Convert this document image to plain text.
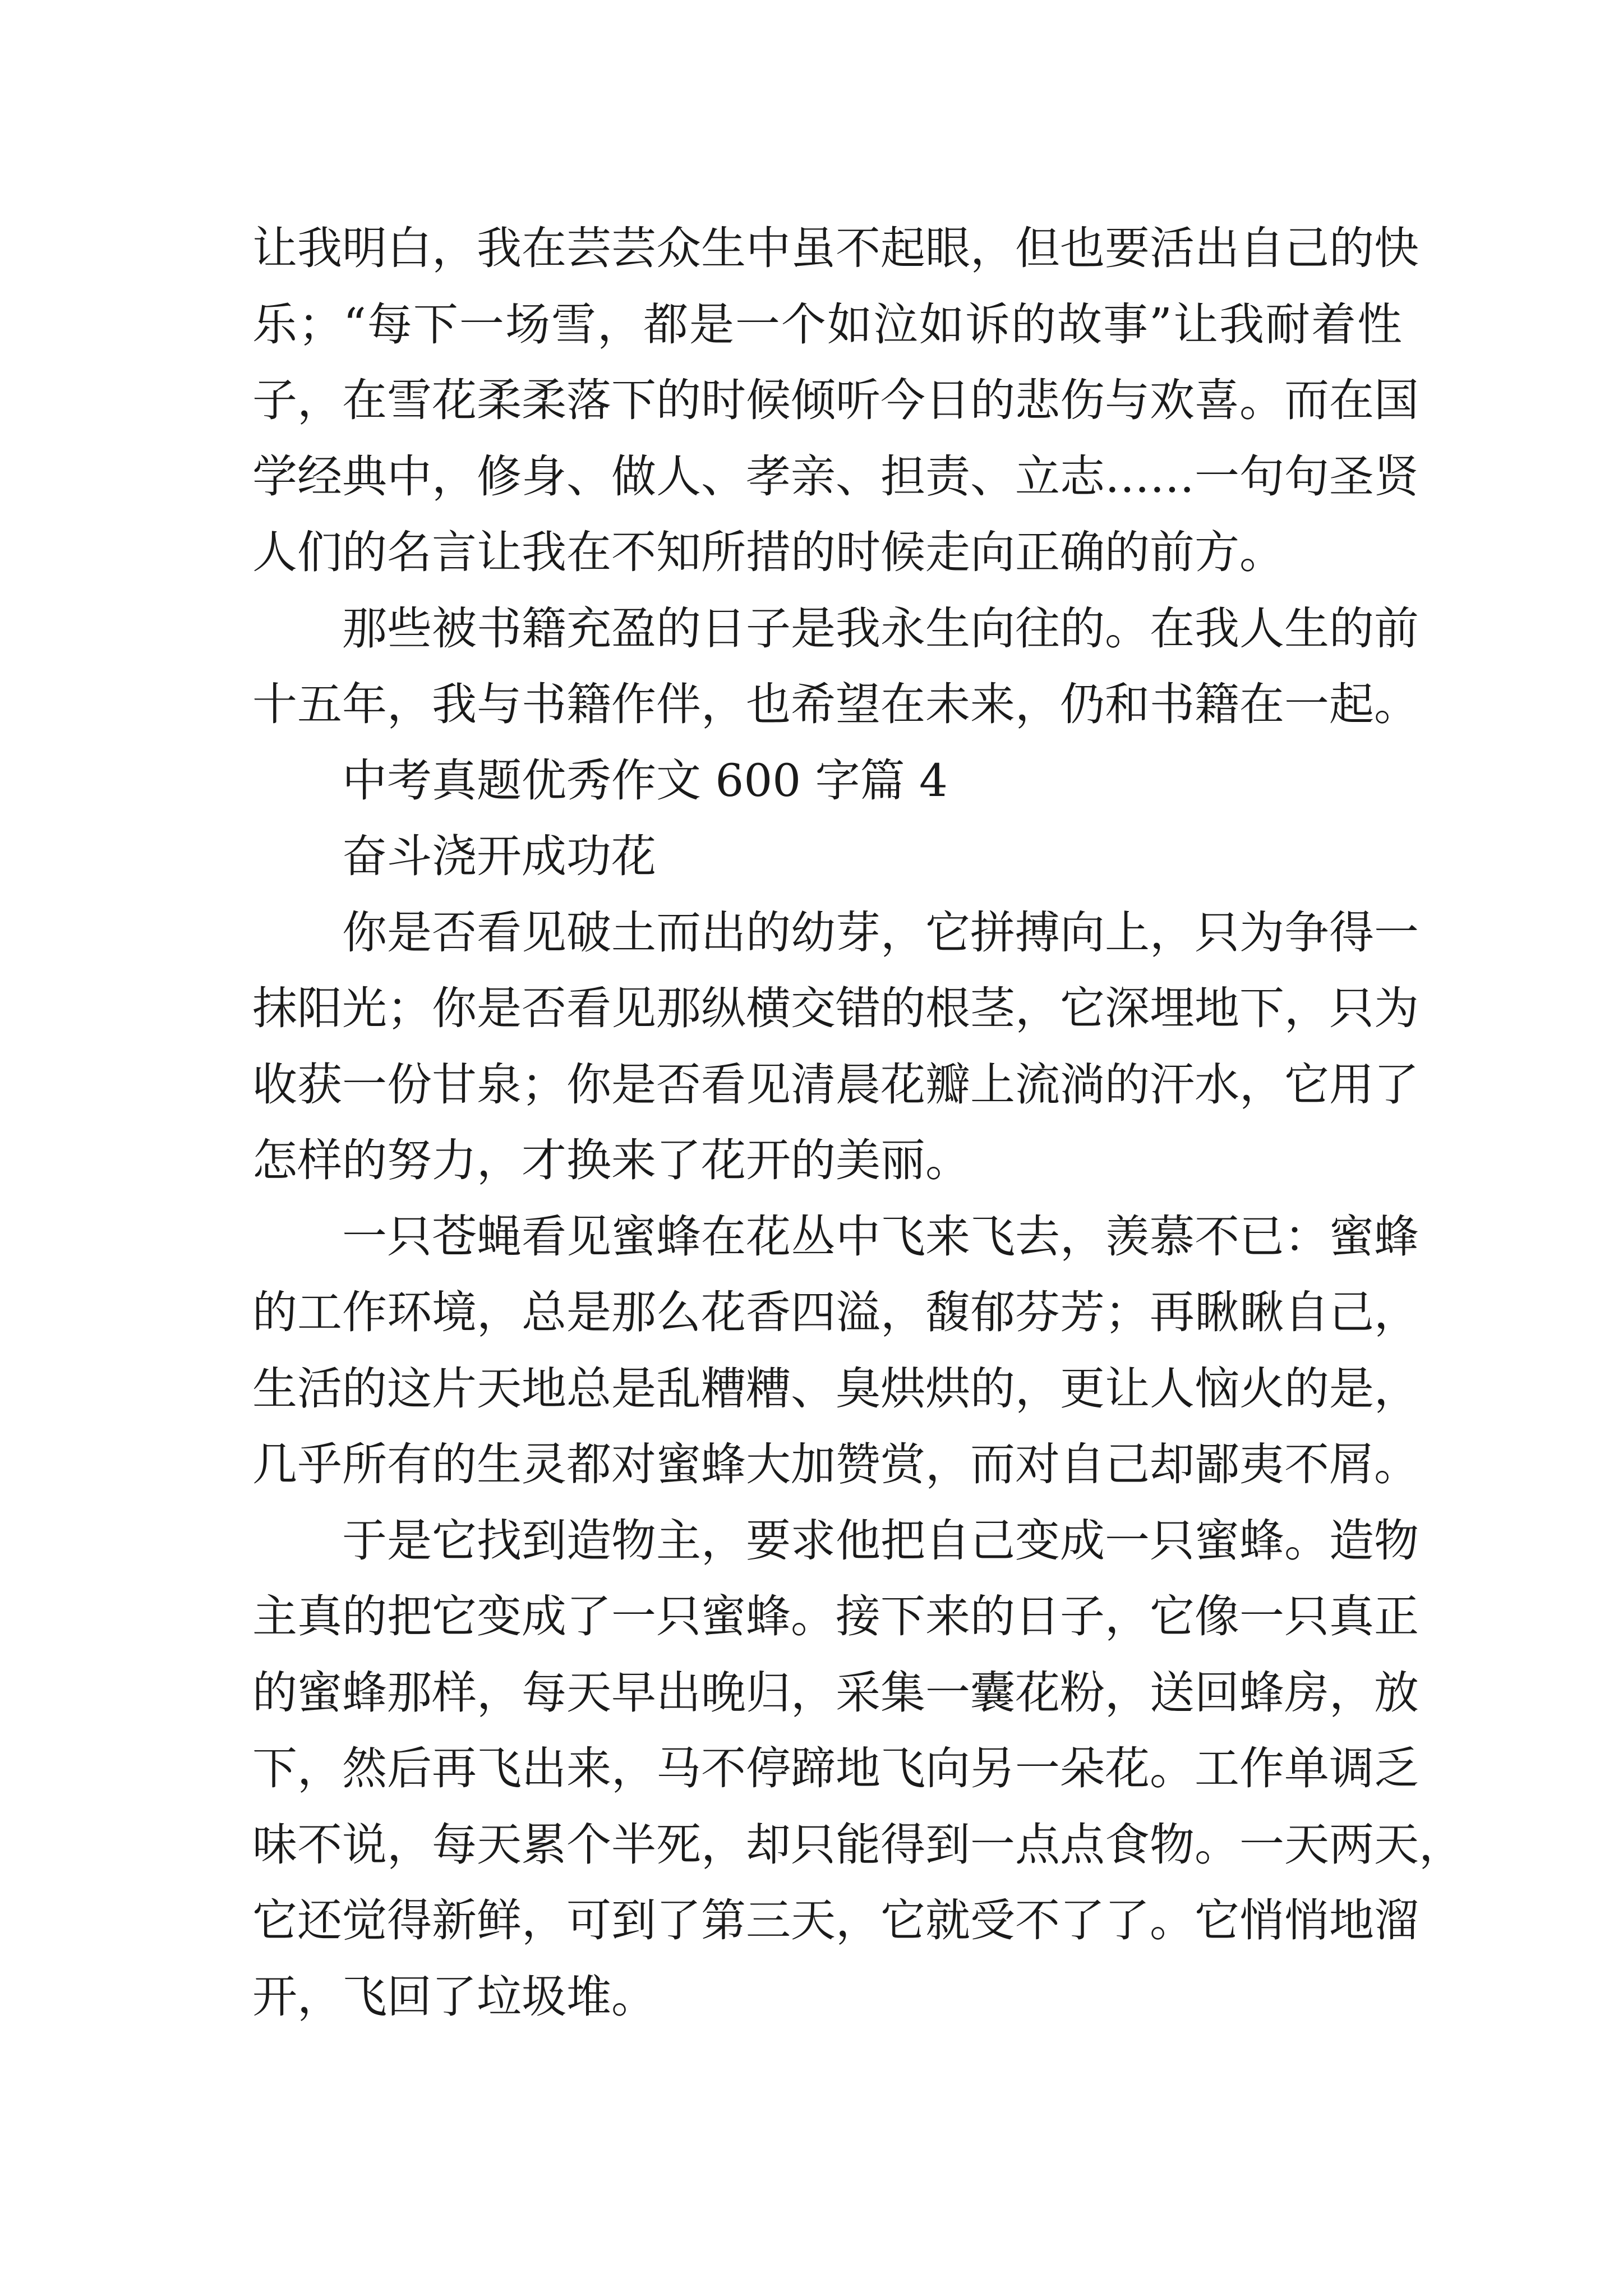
让我明白，我在芸芸众生中虽不起眼，但也要活出自己的快
乐；“每下一场雪，都是一个如泣如诉的故事”让我耐着性
子，在雪花柔柔落下的时候倾听今日的悲伤与欢喜。而在国
学经典中，修身、做人、孝亲、担责、立志……一句句圣贤
人们的名言让我在不知所措的时候走向正确的前方。
那些被书籍充盈的日子是我永生向往的。在我人生的前
十五年，我与书籍作伴，也希望在未来，仍和书籍在一起。
中考真题优秀作文 600 字篇 4
奋斗浇开成功花
你是否看见破土而出的幼芽，它拼搏向上，只为争得一
抹阳光；你是否看见那纵横交错的根茎，它深埋地下，只为
收获一份甘泉；你是否看见清晨花瓣上流淌的汗水，它用了
怎样的努力，才换来了花开的美丽。
一只苍蝇看见蜜蜂在花丛中飞来飞去，羡慕不已：蜜蜂
的工作环境，总是那么花香四溢，馥郁芬芳；再瞅瞅自己，
生活的这片天地总是乱糟糟、臭烘烘的，更让人恼火的是，
几乎所有的生灵都对蜜蜂大加赞赏，而对自己却鄙夷不屑。
于是它找到造物主，要求他把自己变成一只蜜蜂。造物
主真的把它变成了一只蜜蜂。接下来的日子，它像一只真正
的蜜蜂那样，每天早出晚归，采集一囊花粉，送回蜂房，放
下，然后再飞出来，马不停蹄地飞向另一朵花。工作单调乏
味不说，每天累个半死，却只能得到一点点食物。一天两天，
它还觉得新鲜，可到了第三天，它就受不了了。它悄悄地溜
开，飞回了垃圾堆。
